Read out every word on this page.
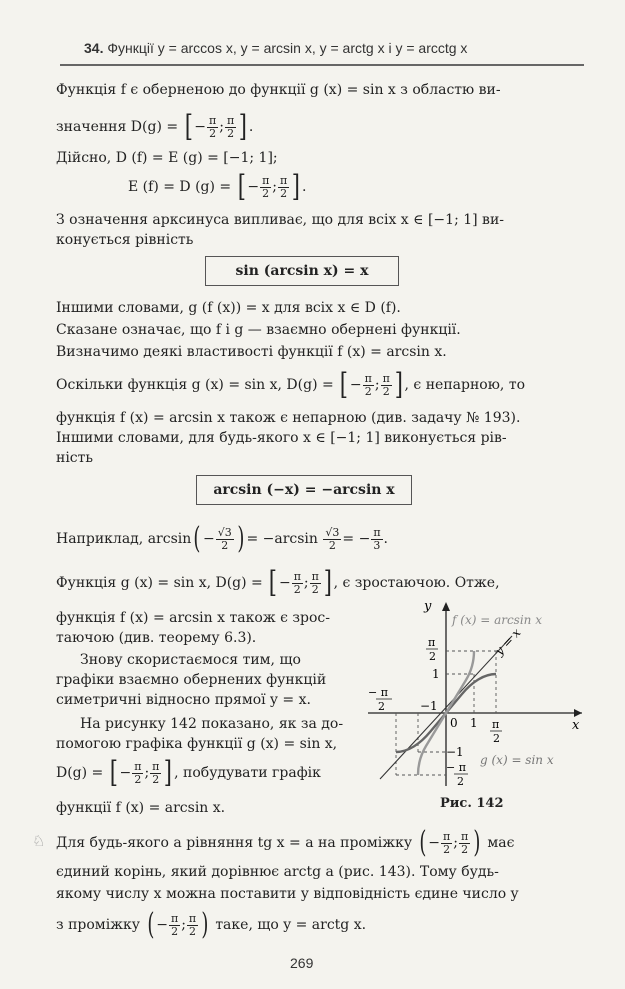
34. Функції y = arccos x, y = arcsin x, y = arctg x і y = arcctg x
Функція f є оберненою до функції g (x) = sin x з областю ви-
значення D(g) = [ − $\frac{\pi}{2}$ ; $\frac{\pi}{2}$ ] .
Дійсно, D (f) = E (g) = [−1; 1];
E (f) = D (g) = [ − $\frac{\pi}{2}$ ; $\frac{\pi}{2}$ ] .
З означення арксинуса випливає, що для всіх x ∈ [−1; 1] ви-
конується рівність
sin (arcsin x) = x
Іншими словами, g (f (x)) = x для всіх x ∈ D (f).
Сказане означає, що f і g — взаємно обернені функції.
Визначимо деякі властивості функції f (x) = arcsin x.
Оскільки функція g (x) = sin x, D(g) = [ − $\frac{\pi}{2}$ ; $\frac{\pi}{2}$ ] , є непарною, то
функція f (x) = arcsin x також є непарною (див. задачу № 193).
Іншими словами, для будь-якого x ∈ [−1; 1] виконується рів-
ність
arcsin (−x) = −arcsin x
Наприклад, $\arcsin( - \frac{√3}{2}$ ) = $-\arcsin \frac{√3}{2}$ = − $\frac{\pi}{3}$ .
Функція g (x) = sin x, D(g) = [ − $\frac{\pi}{2}$ ; $\frac{\pi}{2}$ ] , є зростаючою. Отже,
функція f (x) = arcsin x також є зрос-
таючою (див. теорему 6.3).
Знову скористаємося тим, що
графіки взаємно обернених функцій
симетричні відносно прямої y = x.
На рисунку 142 показано, як за до-
помогою графіка функції g (x) = sin x,
D(g) = [ − $\frac{\pi}{2}$ ; $\frac{\pi}{2}$ ] , побудувати графік
функції f (x) = arcsin x.
y
x
f (x) = arcsin x
g (x) = sin x
y = x
0 1
1
−1
−1
π
2
π
2
− π
2
− π
2
Рис. 142
♘ Для будь-якого a рівняння tg x = a на проміжку ( − $\frac{\pi}{2}$ ; $\frac{\pi}{2}$ ) має
єдиний корінь, який дорівнює arctg a (рис. 143). Тому будь-
якому числу x можна поставити у відповідність єдине число y
з проміжку ( − $\frac{\pi}{2}$ ; $\frac{\pi}{2}$ ) таке, що y = arctg x.
269
